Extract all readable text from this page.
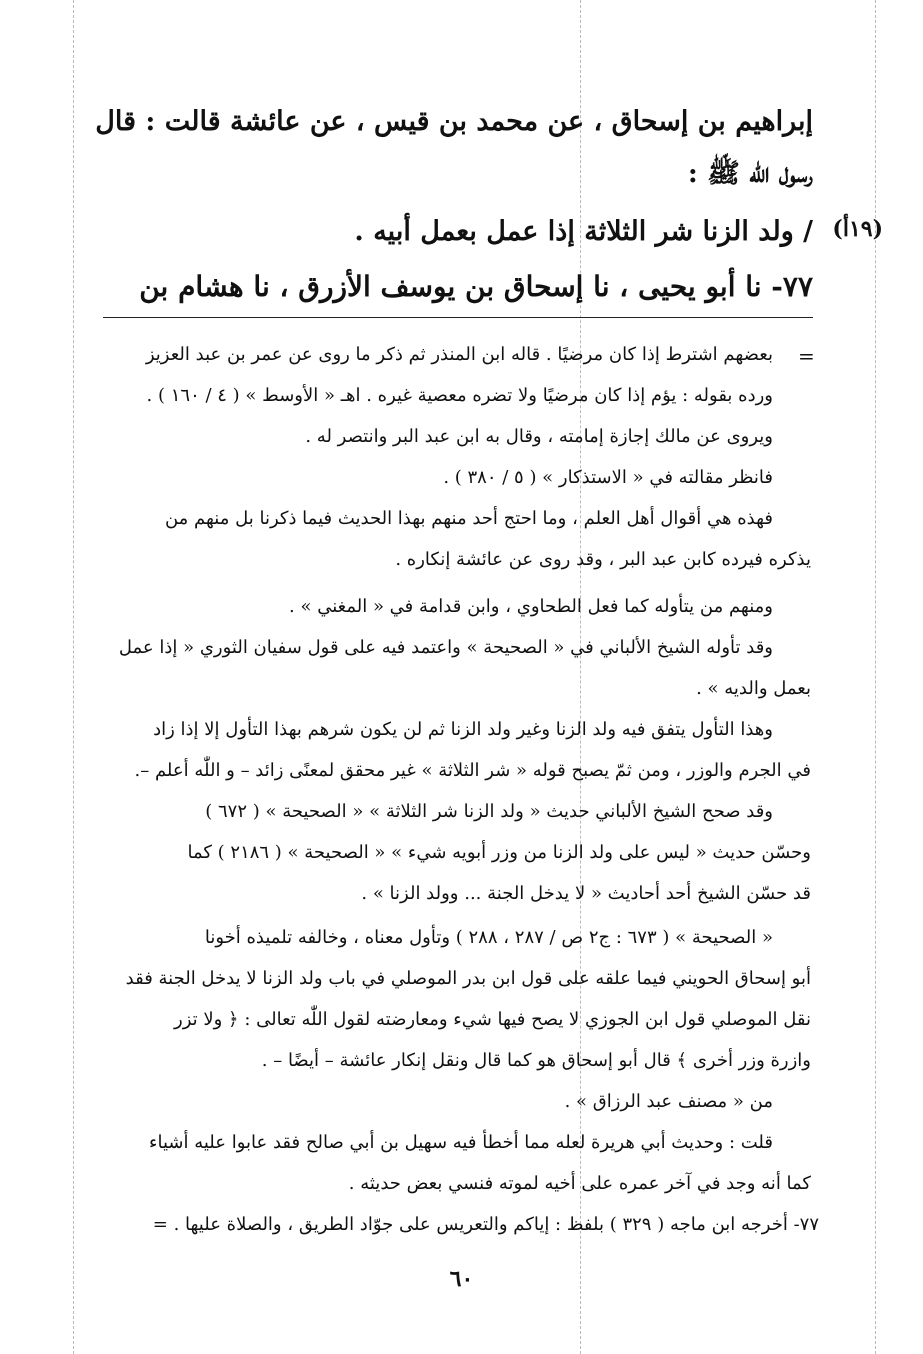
إبراهيم بن إسحاق ، عن محمد بن قيس ، عن عائشة قالت : قال
رسول اللّٰه ﷺ :
(١٩أ)
/ ولد الزنا شر الثلاثة إذا عمل بعمل أبيه .
٧٧- نا أبو يحيى ، نا إسحاق بن يوسف الأزرق ، نا هشام بن
=
بعضهم اشترط إذا كان مرضيًا . قاله ابن المنذر ثم ذكر ما روى عن عمر بن عبد العزيز
ورده بقوله : يؤم إذا كان مرضيًا ولا تضره معصية غيره . اهـ « الأوسط » ( ٤ / ١٦٠ ) .
ويروى عن مالك إجازة إمامته ، وقال به ابن عبد البر وانتصر له .
فانظر مقالته في « الاستذكار » ( ٥ / ٣٨٠ ) .
فهذه هي أقوال أهل العلم ، وما احتج أحد منهم بهذا الحديث فيما ذكرنا بل منهم من
يذكره فيرده كابن عبد البر ، وقد روى عن عائشة إنكاره .
ومنهم من يتأوله كما فعل الطحاوي ، وابن قدامة في « المغني » .
وقد تأوله الشيخ الألباني في « الصحيحة » واعتمد فيه على قول سفيان الثوري « إذا عمل
بعمل والديه » .
وهذا التأول يتفق فيه ولد الزنا وغير ولد الزنا ثم لن يكون شرهم بهذا التأول إلا إذا زاد
في الجرم والوزر ، ومن ثمّ يصبح قوله « شر الثلاثة » غير محقق لمعنًى زائد – و اللّٰه أعلم –.
وقد صحح الشيخ الألباني حديث « ولد الزنا شر الثلاثة » « الصحيحة » ( ٦٧٢ )
وحسّن حديث « ليس على ولد الزنا من وزر أبويه شيء » « الصحيحة » ( ٢١٨٦ ) كما
قد حسّن الشيخ أحد أحاديث « لا يدخل الجنة ... وولد الزنا » .
« الصحيحة » ( ٦٧٣ : ج٢ ص / ٢٨٧ ، ٢٨٨ ) وتأول معناه ، وخالفه تلميذه أخونا
أبو إسحاق الحويني فيما علقه على قول ابن بدر الموصلي في باب ولد الزنا لا يدخل الجنة فقد
نقل الموصلي قول ابن الجوزي لا يصح فيها شيء ومعارضته لقول اللّٰه تعالى : ﴿ ولا تزر
وازرة وزر أخرى ﴾ قال أبو إسحاق هو كما قال ونقل إنكار عائشة – أيضًا – .
من « مصنف عبد الرزاق » .
قلت : وحديث أبي هريرة لعله مما أخطأ فيه سهيل بن أبي صالح فقد عابوا عليه أشياء
كما أنه وجد في آخر عمره على أخيه لموته فنسي بعض حديثه .
٧٧- أخرجه ابن ماجه ( ٣٢٩ ) بلفظ : إياكم والتعريس على جوّاد الطريق ، والصلاة عليها . =
٦٠
